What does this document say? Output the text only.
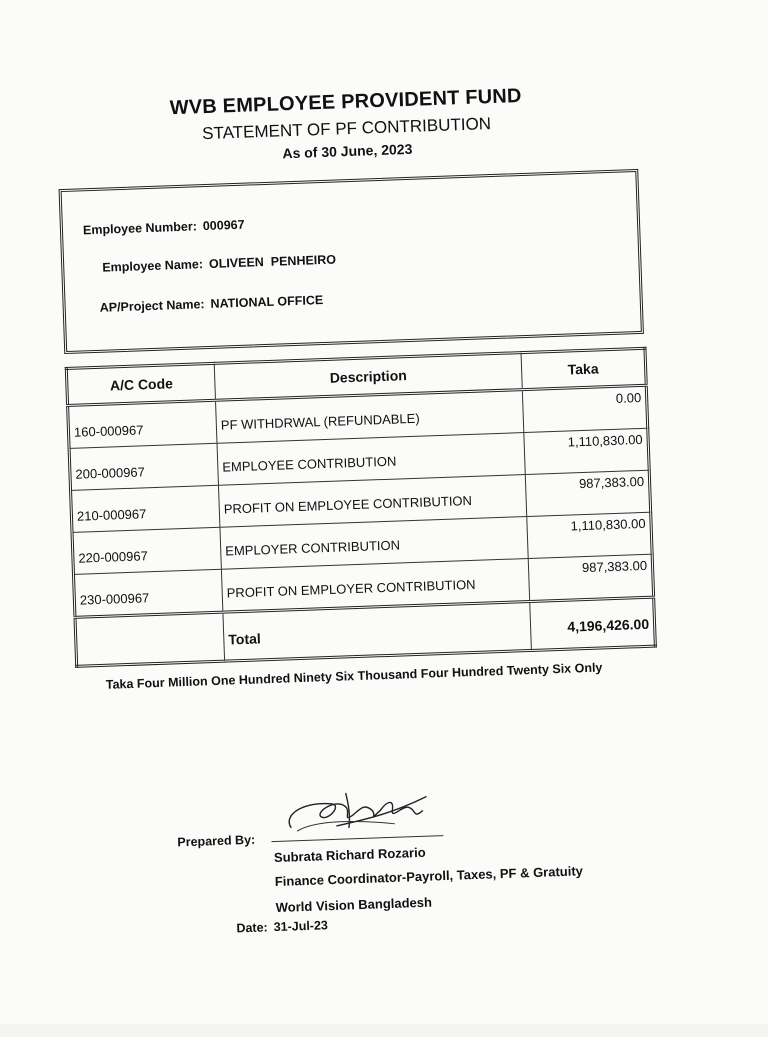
WVB EMPLOYEE PROVIDENT FUND
STATEMENT OF PF CONTRIBUTION
As of 30 June, 2023
Employee Number: 000967
Employee Name: OLIVEEN  PENHEIRO
AP/Project Name: NATIONAL OFFICE
A/C Code	Description	Taka
160-000967	PF WITHDRWAL (REFUNDABLE)	0.00
200-000967	EMPLOYEE CONTRIBUTION	1,110,830.00
210-000967	PROFIT ON EMPLOYEE CONTRIBUTION	987,383.00
220-000967	EMPLOYER CONTRIBUTION	1,110,830.00
230-000967	PROFIT ON EMPLOYER CONTRIBUTION	987,383.00
	Total	4,196,426.00
Taka Four Million One Hundred Ninety Six Thousand Four Hundred Twenty Six Only
Prepared By:
Subrata Richard Rozario
Finance Coordinator-Payroll, Taxes, PF & Gratuity
World Vision Bangladesh
Date: 31-Jul-23
